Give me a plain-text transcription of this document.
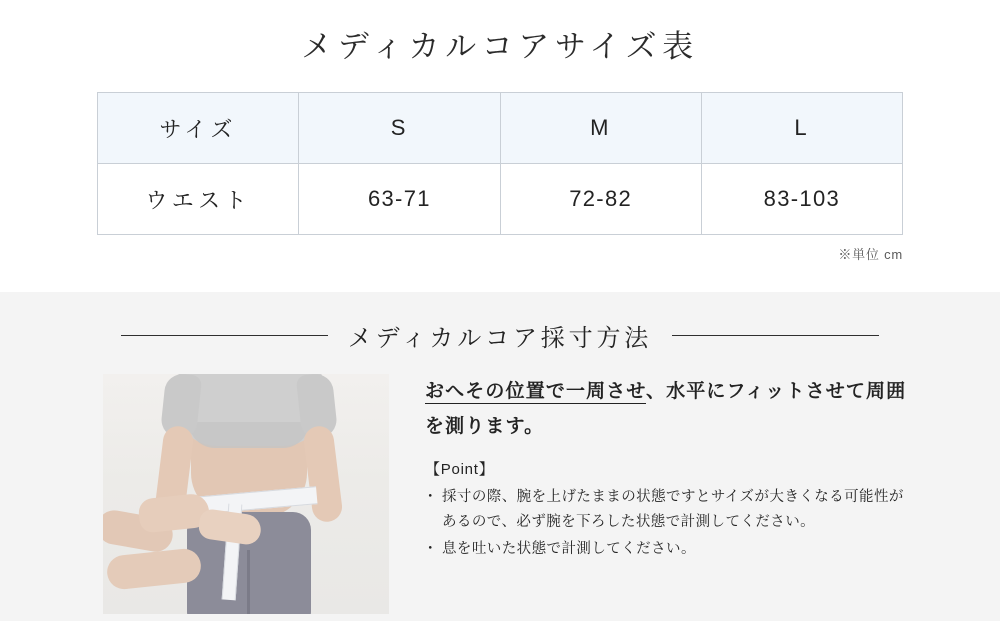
メディカルコアサイズ表
サイズ	S	M	L
ウエスト	63-71	72-82	83-103
※単位 cm
メディカルコア採寸方法

おへその位置で一周させ、水平にフィットさせて周囲を測ります。

【Point】

・ 採寸の際、腕を上げたままの状態ですとサイズが大きくなる可能性があるので、必ず腕を下ろした状態で計測してください。
・ 息を吐いた状態で計測してください。
